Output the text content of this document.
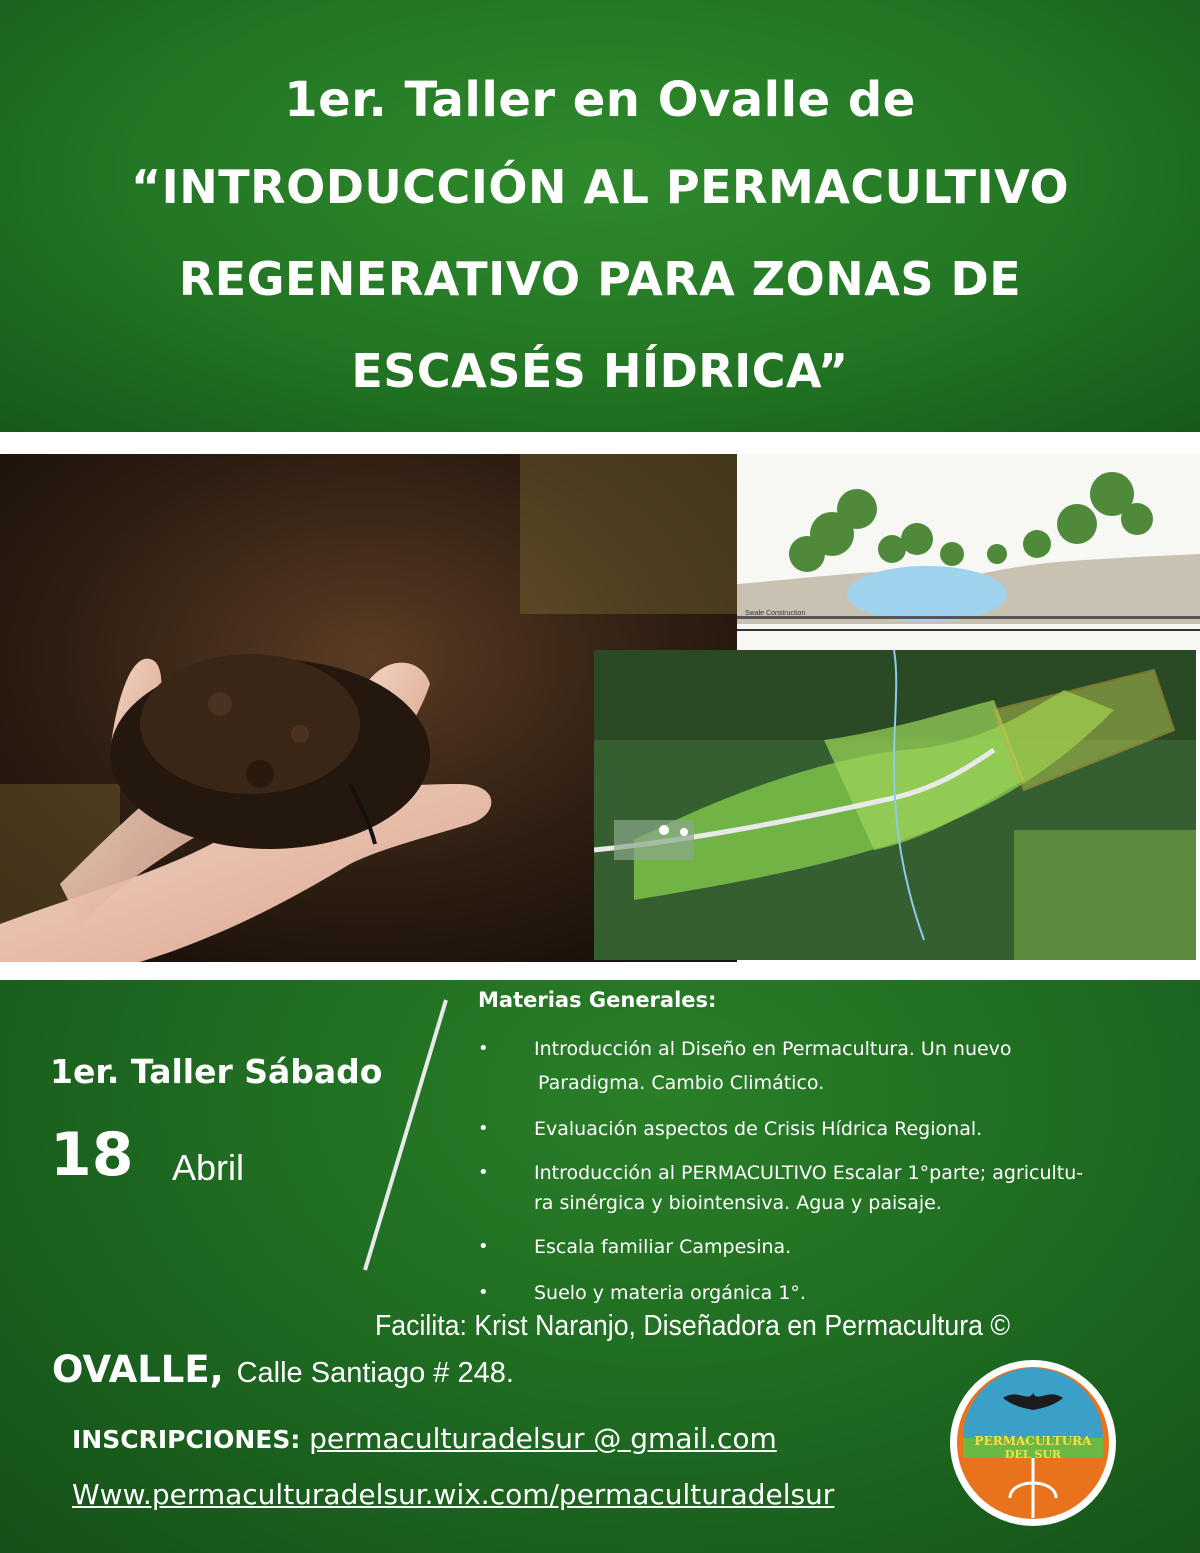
1er. Taller en Ovalle de
“INTRODUCCIÓN AL PERMACULTIVO
REGENERATIVO PARA ZONAS DE
ESCASÉS HÍDRICA”
Swale Construction
1er. Taller Sábado
18 Abril
Materias Generales:
• Introducción al Diseño en Permacultura. Un nuevo
Paradigma. Cambio Climático.
• Evaluación aspectos de Crisis Hídrica Regional.
• Introducción al PERMACULTIVO Escalar 1°parte; agricultu-
ra sinérgica y biointensiva. Agua y paisaje.
• Escala familiar Campesina.
• Suelo y materia orgánica 1°.
Facilita: Krist Naranjo, Diseñadora en Permacultura ©
OVALLE, Calle Santiago # 248.
INSCRIPCIONES: permaculturadelsur @ gmail.com
Www.permaculturadelsur.wix.com/permaculturadelsur
PERMACULTURA
DEL SUR
